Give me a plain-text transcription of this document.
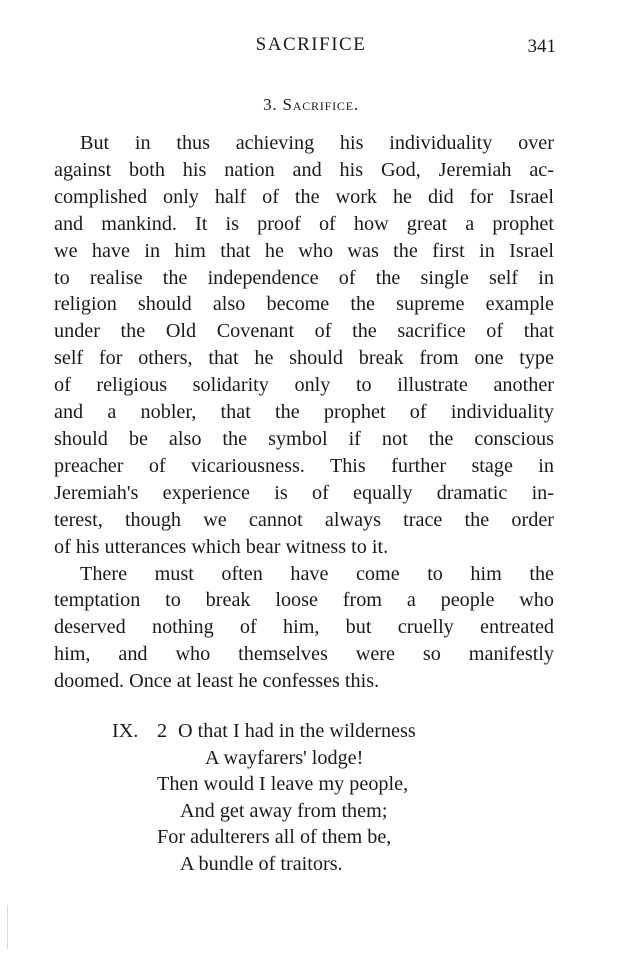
SACRIFICE	341
3. Sacrifice.
But in thus achieving his individuality over
against both his nation and his God, Jeremiah ac-
complished only half of the work he did for Israel
and mankind. It is proof of how great a prophet
we have in him that he who was the first in Israel
to realise the independence of the single self in
religion should also become the supreme example
under the Old Covenant of the sacrifice of that
self for others, that he should break from one type
of religious solidarity only to illustrate another
and a nobler, that the prophet of individuality
should be also the symbol if not the conscious
preacher of vicariousness. This further stage in
Jeremiah's experience is of equally dramatic in-
terest, though we cannot always trace the order
of his utterances which bear witness to it.
There must often have come to him the
temptation to break loose from a people who
deserved nothing of him, but cruelly entreated
him, and who themselves were so manifestly
doomed. Once at least he confesses this.
IX. 2 O that I had in the wilderness
A wayfarers' lodge!
Then would I leave my people,
And get away from them;
For adulterers all of them be,
A bundle of traitors.
